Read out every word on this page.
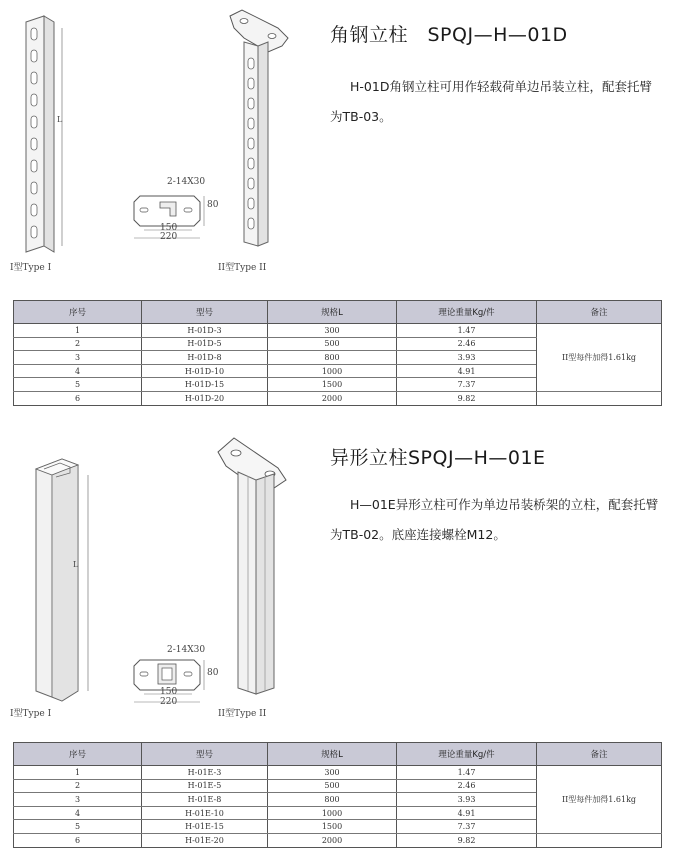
L
2-14X30
80
150
220
I型Type I	II型Type II
角钢立柱　SPQJ—H—01D

H-01D角钢立柱可用作轻载荷单边吊装立柱，配套托臂

为TB-03。

序号	型号	规格L	理论重量Kg/件	备注
1	H-01D-3	300	1.47	II型每件加得1.61kg
2	H-01D-5	500	2.46	
3	H-01D-8	800	3.93	
4	H-01D-10	1000	4.91	
5	H-01D-15	1500	7.37	
6	H-01D-20	2000	9.82	
L
2-14X30
80
150
220
I型Type I	II型Type II
异形立柱SPQJ—H—01E

H—01E异形立柱可作为单边吊装桥架的立柱，配套托臂

为TB-02。底座连接螺栓M12。

序号	型号	规格L	理论重量Kg/件	备注
1	H-01E-3	300	1.47	II型每件加得1.61kg
2	H-01E-5	500	2.46	
3	H-01E-8	800	3.93	
4	H-01E-10	1000	4.91	
5	H-01E-15	1500	7.37	
6	H-01E-20	2000	9.82	
